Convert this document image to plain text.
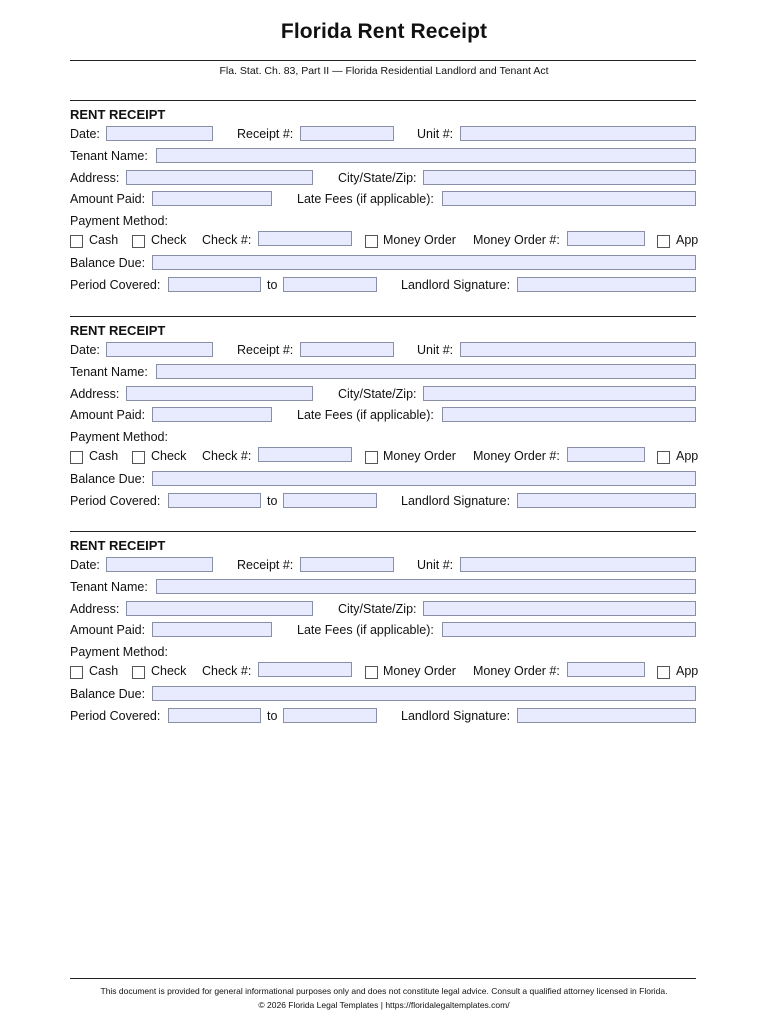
Florida Rent Receipt
Fla. Stat. Ch. 83, Part II — Florida Residential Landlord and Tenant Act
RENT RECEIPT
Date:	Receipt #:	Unit #:
Tenant Name:
Address:	City/State/Zip:
Amount Paid:	Late Fees (if applicable):
Payment Method:
Cash	Check Check #:	Money Order Money Order #:	App
Balance Due:
Period Covered:	to	Landlord Signature:
RENT RECEIPT
Date:	Receipt #:	Unit #:
Tenant Name:
Address:	City/State/Zip:
Amount Paid:	Late Fees (if applicable):
Payment Method:
Cash	Check Check #:	Money Order Money Order #:	App
Balance Due:
Period Covered:	to	Landlord Signature:
RENT RECEIPT
Date:	Receipt #:	Unit #:
Tenant Name:
Address:	City/State/Zip:
Amount Paid:	Late Fees (if applicable):
Payment Method:
Cash	Check Check #:	Money Order Money Order #:	App
Balance Due:
Period Covered:	to	Landlord Signature:
This document is provided for general informational purposes only and does not constitute legal advice. Consult a qualified attorney licensed in Florida.
© 2026 Florida Legal Templates | https://floridalegaltemplates.com/
